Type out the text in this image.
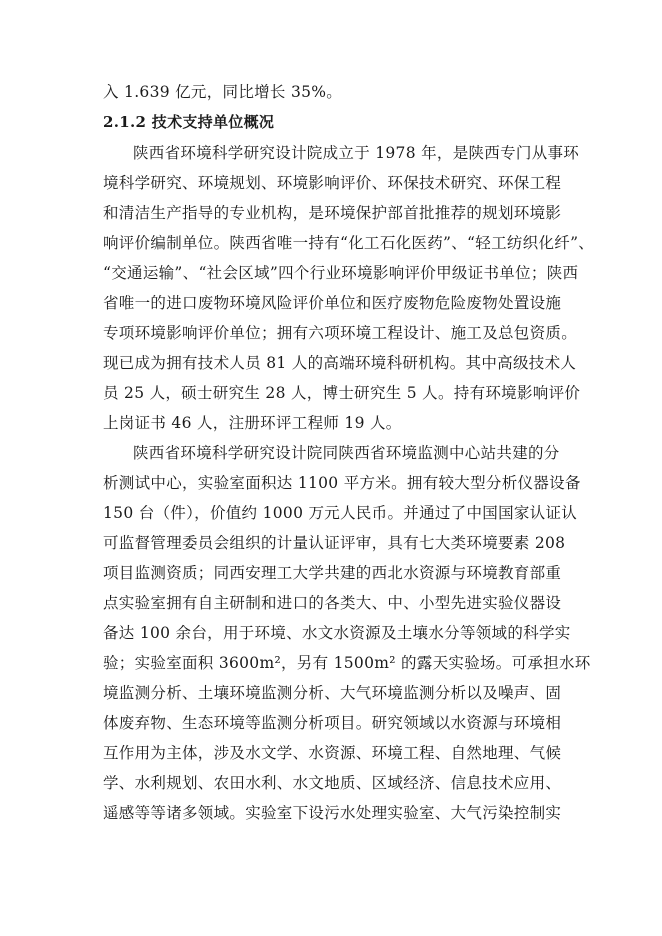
入 1.639 亿元，同比增长 35%。
2.1.2 技术支持单位概况
陕西省环境科学研究设计院成立于 1978 年，是陕西专门从事环
境科学研究、环境规划、环境影响评价、环保技术研究、环保工程
和清洁生产指导的专业机构，是环境保护部首批推荐的规划环境影
响评价编制单位。陕西省唯一持有“化工石化医药”、“轻工纺织化纤”、
“交通运输”、“社会区域”四个行业环境影响评价甲级证书单位；陕西
省唯一的进口废物环境风险评价单位和医疗废物危险废物处置设施
专项环境影响评价单位；拥有六项环境工程设计、施工及总包资质。
现已成为拥有技术人员 81 人的高端环境科研机构。其中高级技术人
员 25 人，硕士研究生 28 人，博士研究生 5 人。持有环境影响评价
上岗证书 46 人，注册环评工程师 19 人。
陕西省环境科学研究设计院同陕西省环境监测中心站共建的分
析测试中心，实验室面积达 1100 平方米。拥有较大型分析仪器设备
150 台（件），价值约 1000 万元人民币。并通过了中国国家认证认
可监督管理委员会组织的计量认证评审，具有七大类环境要素 208
项目监测资质；同西安理工大学共建的西北水资源与环境教育部重
点实验室拥有自主研制和进口的各类大、中、小型先进实验仪器设
备达 100 余台，用于环境、水文水资源及土壤水分等领域的科学实
验；实验室面积 3600m²，另有 1500m² 的露天实验场。可承担水环
境监测分析、土壤环境监测分析、大气环境监测分析以及噪声、固
体废弃物、生态环境等监测分析项目。研究领域以水资源与环境相
互作用为主体，涉及水文学、水资源、环境工程、自然地理、气候
学、水利规划、农田水利、水文地质、区域经济、信息技术应用、
遥感等等诸多领域。实验室下设污水处理实验室、大气污染控制实
